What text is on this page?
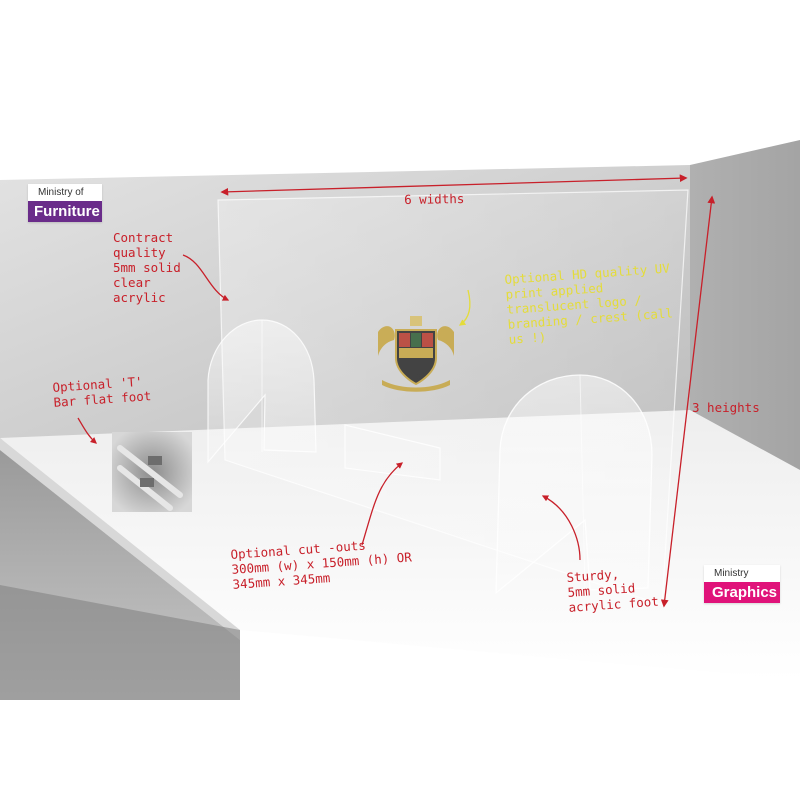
Ministry of
Furniture
Ministry
Graphics
6 widths
3 heights
Contract
quality
5mm solid
clear
acrylic
Optional HD quality UV
print applied
translucent logo /
branding / crest (call
us !)
Optional 'T'
Bar flat foot
Optional cut -outs
300mm (w) x 150mm (h) OR
345mm x 345mm	Sturdy,
5mm solid
acrylic foot
